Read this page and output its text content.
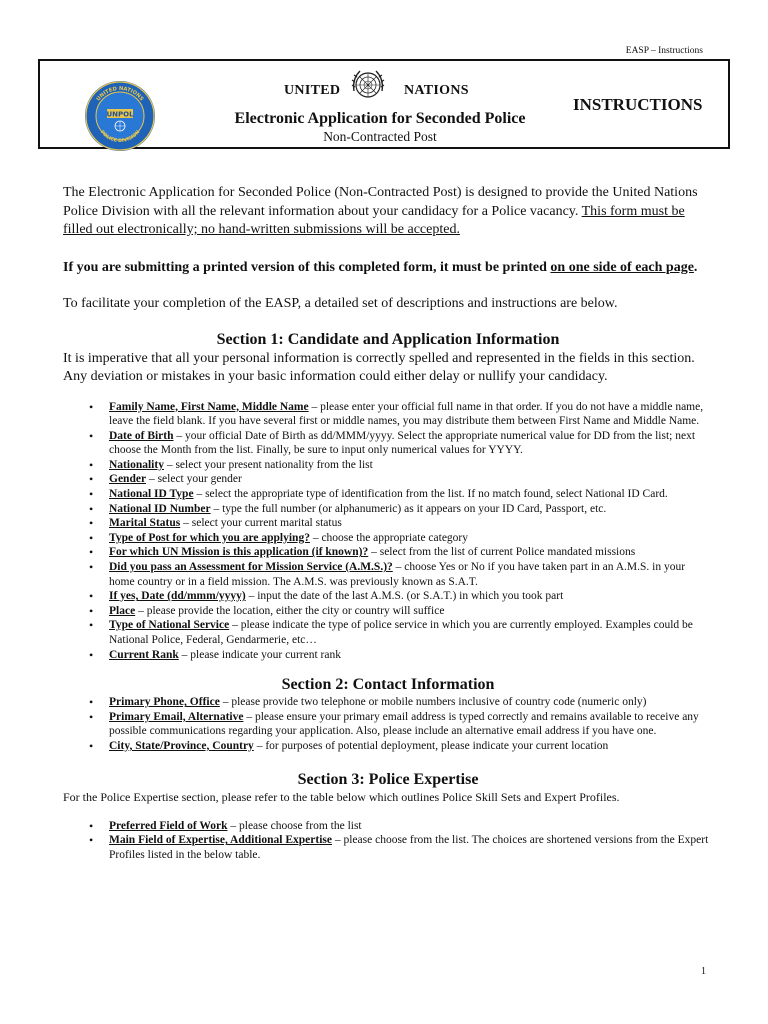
EASP – Instructions
UNITED NATIONS
POLICE DIVISION
UNPOL
UNITED	NATIONS
Electronic Application for Seconded Police
Non-Contracted Post
INSTRUCTIONS

The Electronic Application for Seconded Police (Non-Contracted Post) is designed to provide the United Nations Police Division with all the relevant information about your candidacy for a Police vacancy. This form must be filled out electronically; no hand-written submissions will be accepted.

If you are submitting a printed version of this completed form, it must be printed on one side of each page.

To facilitate your completion of the EASP, a detailed set of descriptions and instructions are below.

Section 1: Candidate and Application Information

It is imperative that all your personal information is correctly spelled and represented in the fields in this section. Any deviation or mistakes in your basic information could either delay or nullify your candidacy.

• Family Name, First Name, Middle Name – please enter your official full name in that order. If you do not have a middle name, leave the field blank. If you have several first or middle names, you may distribute them between First Name and Middle Name.
• Date of Birth – your official Date of Birth as dd/MMM/yyyy. Select the appropriate numerical value for DD from the list; next choose the Month from the list. Finally, be sure to input only numerical values for YYYY.
• Nationality – select your present nationality from the list
• Gender – select your gender
• National ID Type – select the appropriate type of identification from the list. If no match found, select National ID Card.
• National ID Number – type the full number (or alphanumeric) as it appears on your ID Card, Passport, etc.
• Marital Status – select your current marital status
• Type of Post for which you are applying? – choose the appropriate category
• For which UN Mission is this application (if known)? – select from the list of current Police mandated missions
• Did you pass an Assessment for Mission Service (A.M.S.)? – choose Yes or No if you have taken part in an A.M.S. in your home country or in a field mission. The A.M.S. was previously known as S.A.T.
• If yes, Date (dd/mmm/yyyy) – input the date of the last A.M.S. (or S.A.T.) in which you took part
• Place – please provide the location, either the city or country will suffice
• Type of National Service – please indicate the type of police service in which you are currently employed. Examples could be National Police, Federal, Gendarmerie, etc…
• Current Rank – please indicate your current rank
Section 2: Contact Information
• Primary Phone, Office – please provide two telephone or mobile numbers inclusive of country code (numeric only)
• Primary Email, Alternative – please ensure your primary email address is typed correctly and remains available to receive any possible communications regarding your application. Also, please include an alternative email address if you have one.
• City, State/Province, Country – for purposes of potential deployment, please indicate your current location
Section 3: Police Expertise

For the Police Expertise section, please refer to the table below which outlines Police Skill Sets and Expert Profiles.

• Preferred Field of Work – please choose from the list
• Main Field of Expertise, Additional Expertise – please choose from the list. The choices are shortened versions from the Expert Profiles listed in the below table.
1
